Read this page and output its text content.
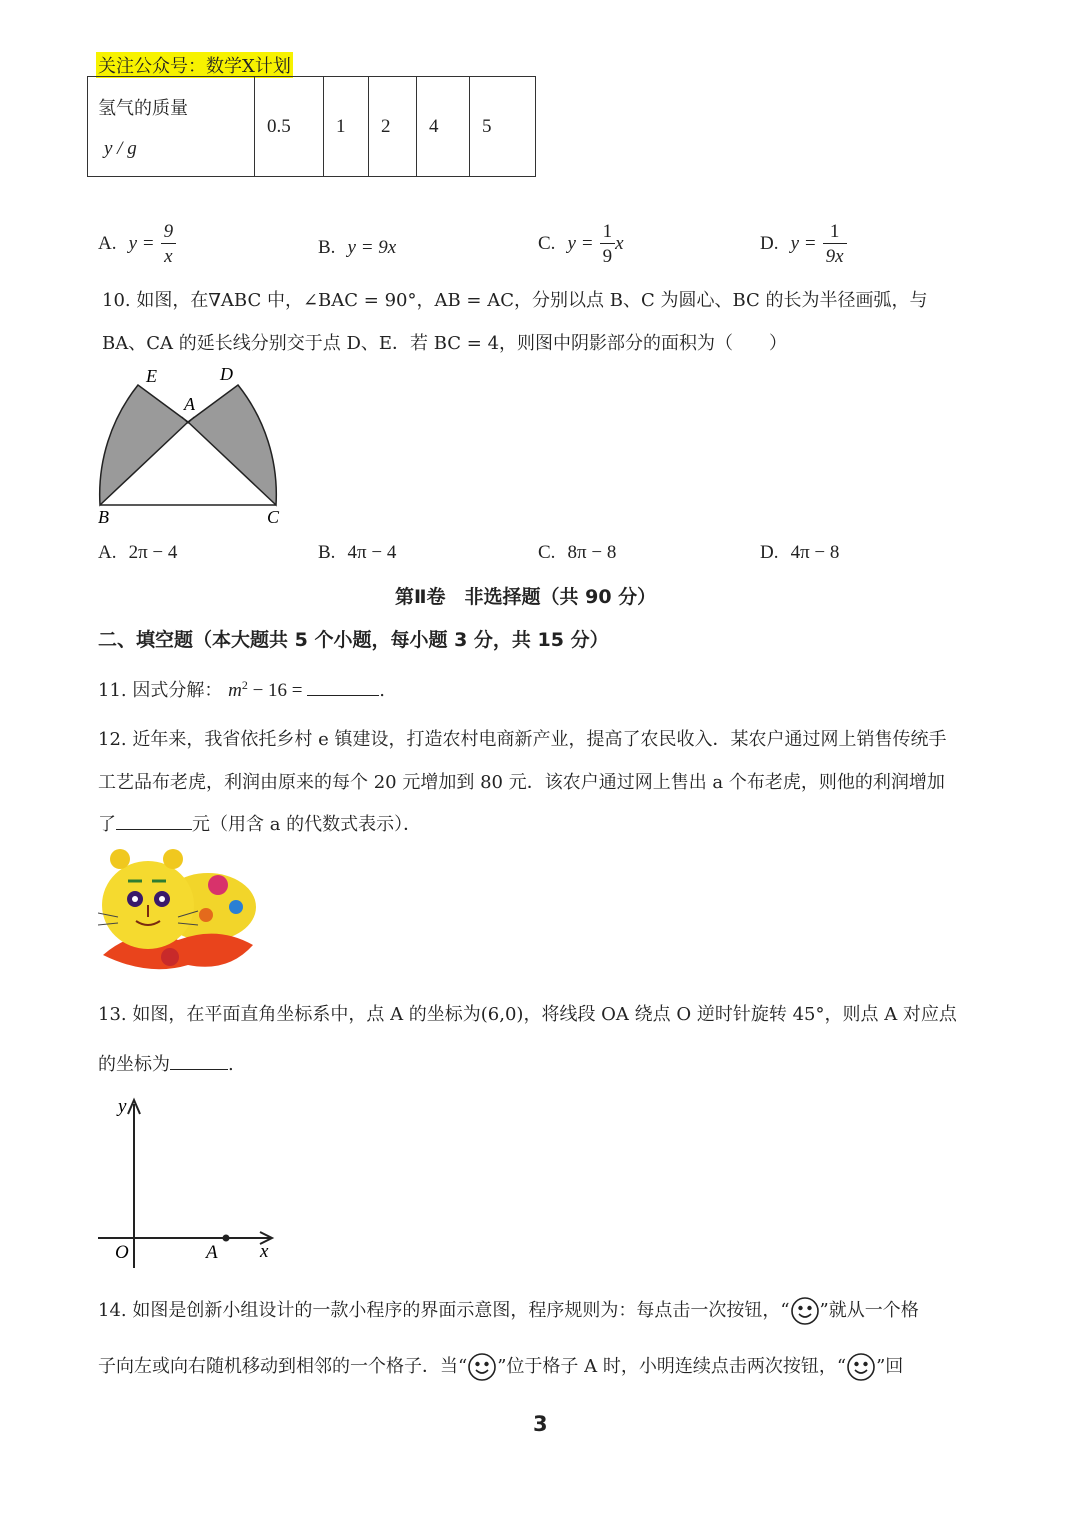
关注公众号：数学X计划
氢气的质量
y / g
	0.5	1	2	4	5
A. $y = \frac{9}{x}$	B. y = 9x	C. $y = \frac{1}{9}$ x	D. $y = \frac{1}{9x}$
10. 如图，在∇ABC 中，∠BAC = 90°，AB = AC，分别以点 B、C 为圆心、BC 的长为半径画弧，与
BA、CA 的延长线分别交于点 D、E．若 BC = 4，则图中阴影部分的面积为（　　）
E	D
A
B	C
A. 2π − 4	B. 4π − 4	C. 8π − 8	D. 4π − 8
第Ⅱ卷　非选择题（共 90 分）
二、填空题（本大题共 5 个小题，每小题 3 分，共 15 分）
11. 因式分解： $m^2 - 16$ =	.
12. 近年来，我省依托乡村 e 镇建设，打造农村电商新产业，提高了农民收入．某农户通过网上销售传统手
工艺品布老虎，利润由原来的每个 20 元增加到 80 元．该农户通过网上售出 a 个布老虎，则他的利润增加
了	元（用含 a 的代数式表示）．
13. 如图，在平面直角坐标系中，点 A 的坐标为(6,0)，将线段 OA 绕点 O 逆时针旋转 45°，则点 A 对应点
的坐标为	.
y
x
O	A
14. 如图是创新小组设计的一款小程序的界面示意图，程序规则为：每点击一次按钮，“ ”就从一个格
子向左或向右随机移动到相邻的一个格子．当“ ”位于格子 A 时，小明连续点击两次按钮，“ ”回
3
